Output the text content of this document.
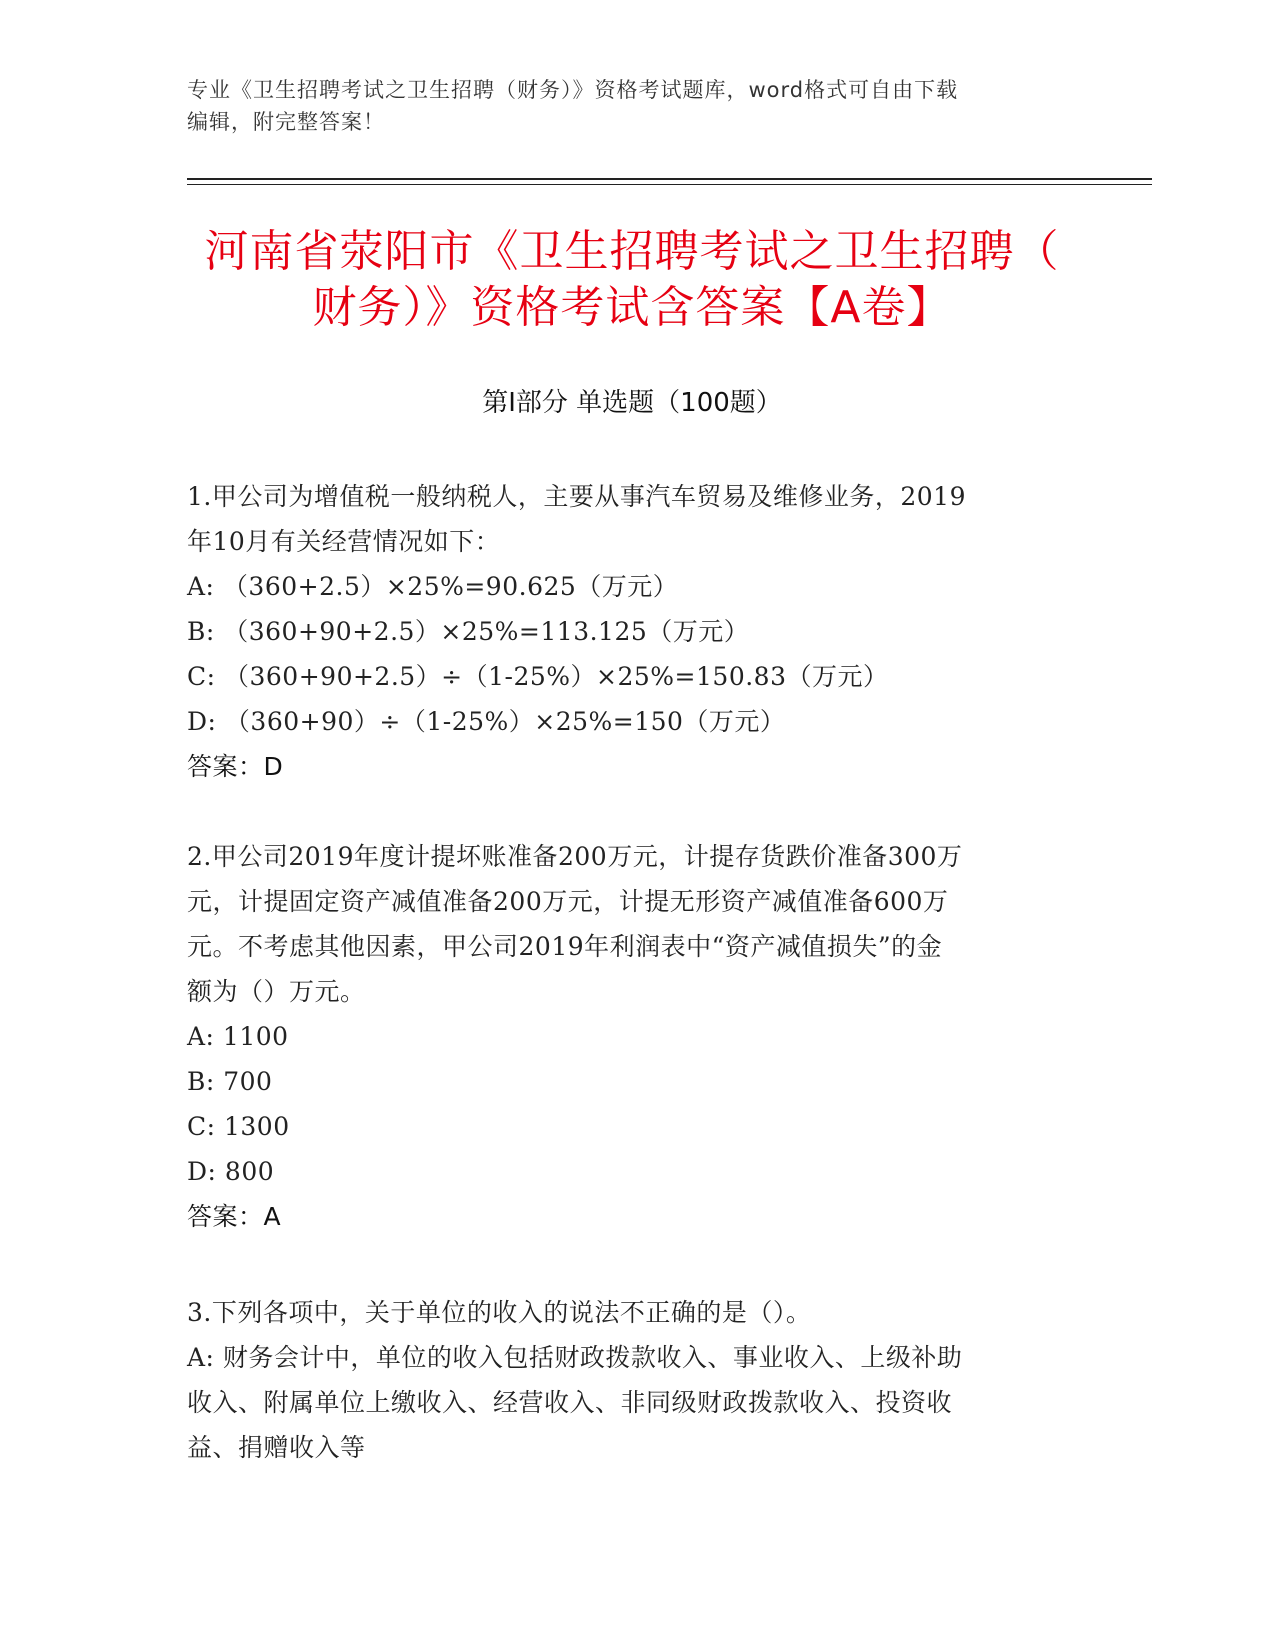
专业《卫生招聘考试之卫生招聘（财务）》资格考试题库，word格式可自由下载
编辑，附完整答案！
河南省荥阳市《卫生招聘考试之卫生招聘（
财务）》资格考试含答案【A卷】
第Ⅰ部分 单选题（100题）
1.甲公司为增值税一般纳税人，主要从事汽车贸易及维修业务，2019
年10月有关经营情况如下：
A: （360+2.5）×25%=90.625（万元）
B: （360+90+2.5）×25%=113.125（万元）
C: （360+90+2.5）÷（1-25%）×25%=150.83（万元）
D: （360+90）÷（1-25%）×25%=150（万元）
答案：D
2.甲公司2019年度计提坏账准备200万元，计提存货跌价准备300万
元，计提固定资产减值准备200万元，计提无形资产减值准备600万
元。不考虑其他因素，甲公司2019年利润表中“资产减值损失”的金
额为（）万元。
A: 1100
B: 700
C: 1300
D: 800
答案：A
3.下列各项中，关于单位的收入的说法不正确的是（）。
A: 财务会计中，单位的收入包括财政拨款收入、事业收入、上级补助
收入、附属单位上缴收入、经营收入、非同级财政拨款收入、投资收
益、捐赠收入等
